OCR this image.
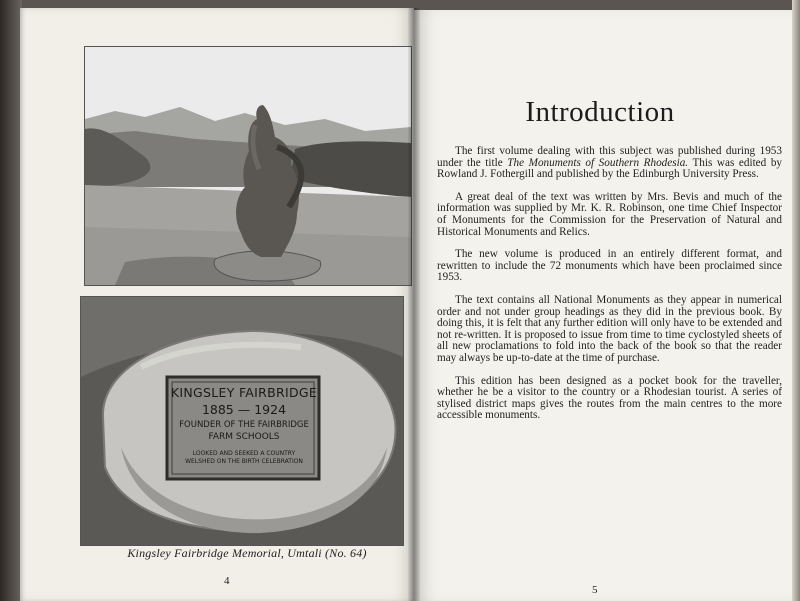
KINGSLEY FAIRBRIDGE
1885 — 1924
FOUNDER OF THE FAIRBRIDGE
FARM SCHOOLS
LOOKED AND SEEKED A COUNTRY
WELSHED ON THE BIRTH CELEBRATION
Kingsley Fairbridge Memorial, Umtali (No. 64)
4
Introduction

The first volume dealing with this subject was published during 1953 under the title The Monuments of Southern Rhodesia. This was edited by Rowland J. Fothergill and published by the Edinburgh University Press.

A great deal of the text was written by Mrs. Bevis and much of the information was supplied by Mr. K. R. Robinson, one time Chief Inspector of Monuments for the Commission for the Preservation of Natural and Historical Monuments and Relics.

The new volume is produced in an entirely different format, and rewritten to include the 72 monuments which have been proclaimed since 1953.

The text contains all National Monuments as they appear in numerical order and not under group headings as they did in the previous book. By doing this, it is felt that any further edition will only have to be extended and not re-written. It is proposed to issue from time to time cyclostyled sheets of all new proclamations to fold into the back of the book so that the reader may always be up-to-date at the time of purchase.

This edition has been designed as a pocket book for the traveller, whether he be a visitor to the country or a Rhodesian tourist. A series of stylised district maps gives the routes from the main centres to the more accessible monuments.

5
